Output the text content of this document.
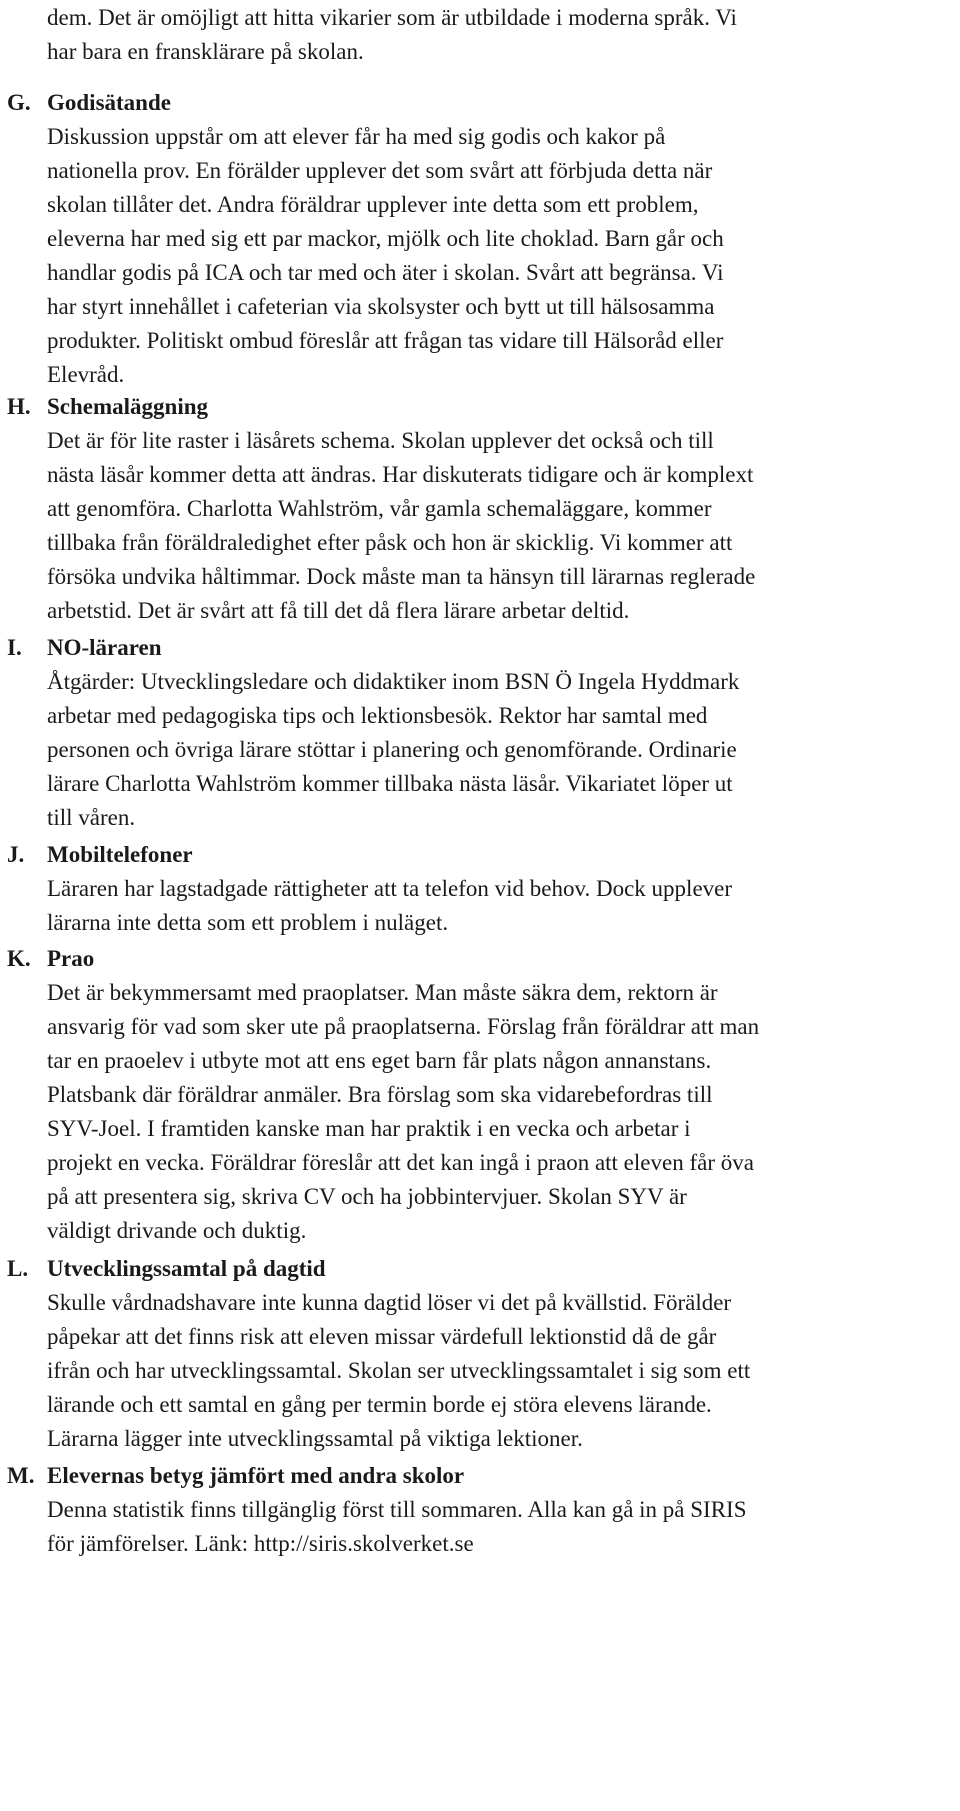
dem. Det är omöjligt att hitta vikarier som är utbildade i moderna språk. Vi
har bara en fransklärare på skolan.
G. Godisätande
Diskussion uppstår om att elever får ha med sig godis och kakor på
nationella prov. En förälder upplever det som svårt att förbjuda detta när
skolan tillåter det. Andra föräldrar upplever inte detta som ett problem,
eleverna har med sig ett par mackor, mjölk och lite choklad. Barn går och
handlar godis på ICA och tar med och äter i skolan. Svårt att begränsa. Vi
har styrt innehållet i cafeterian via skolsyster och bytt ut till hälsosamma
produkter. Politiskt ombud föreslår att frågan tas vidare till Hälsoråd eller
Elevråd.
H. Schemaläggning
Det är för lite raster i läsårets schema. Skolan upplever det också och till
nästa läsår kommer detta att ändras. Har diskuterats tidigare och är komplext
att genomföra. Charlotta Wahlström, vår gamla schemaläggare, kommer
tillbaka från föräldraledighet efter påsk och hon är skicklig. Vi kommer att
försöka undvika håltimmar. Dock måste man ta hänsyn till lärarnas reglerade
arbetstid. Det är svårt att få till det då flera lärare arbetar deltid.
I. NO-läraren
Åtgärder: Utvecklingsledare och didaktiker inom BSN Ö Ingela Hyddmark
arbetar med pedagogiska tips och lektionsbesök. Rektor har samtal med
personen och övriga lärare stöttar i planering och genomförande. Ordinarie
lärare Charlotta Wahlström kommer tillbaka nästa läsår. Vikariatet löper ut
till våren.
J. Mobiltelefoner
Läraren har lagstadgade rättigheter att ta telefon vid behov. Dock upplever
lärarna inte detta som ett problem i nuläget.
K. Prao
Det är bekymmersamt med praoplatser. Man måste säkra dem, rektorn är
ansvarig för vad som sker ute på praoplatserna. Förslag från föräldrar att man
tar en praoelev i utbyte mot att ens eget barn får plats någon annanstans.
Platsbank där föräldrar anmäler. Bra förslag som ska vidarebefordras till
SYV-Joel. I framtiden kanske man har praktik i en vecka och arbetar i
projekt en vecka. Föräldrar föreslår att det kan ingå i praon att eleven får öva
på att presentera sig, skriva CV och ha jobbintervjuer. Skolan SYV är
väldigt drivande och duktig.
L. Utvecklingssamtal på dagtid
Skulle vårdnadshavare inte kunna dagtid löser vi det på kvällstid. Förälder
påpekar att det finns risk att eleven missar värdefull lektionstid då de går
ifrån och har utvecklingssamtal. Skolan ser utvecklingssamtalet i sig som ett
lärande och ett samtal en gång per termin borde ej störa elevens lärande.
Lärarna lägger inte utvecklingssamtal på viktiga lektioner.
M. Elevernas betyg jämfört med andra skolor
Denna statistik finns tillgänglig först till sommaren. Alla kan gå in på SIRIS
för jämförelser. Länk: http://siris.skolverket.se
